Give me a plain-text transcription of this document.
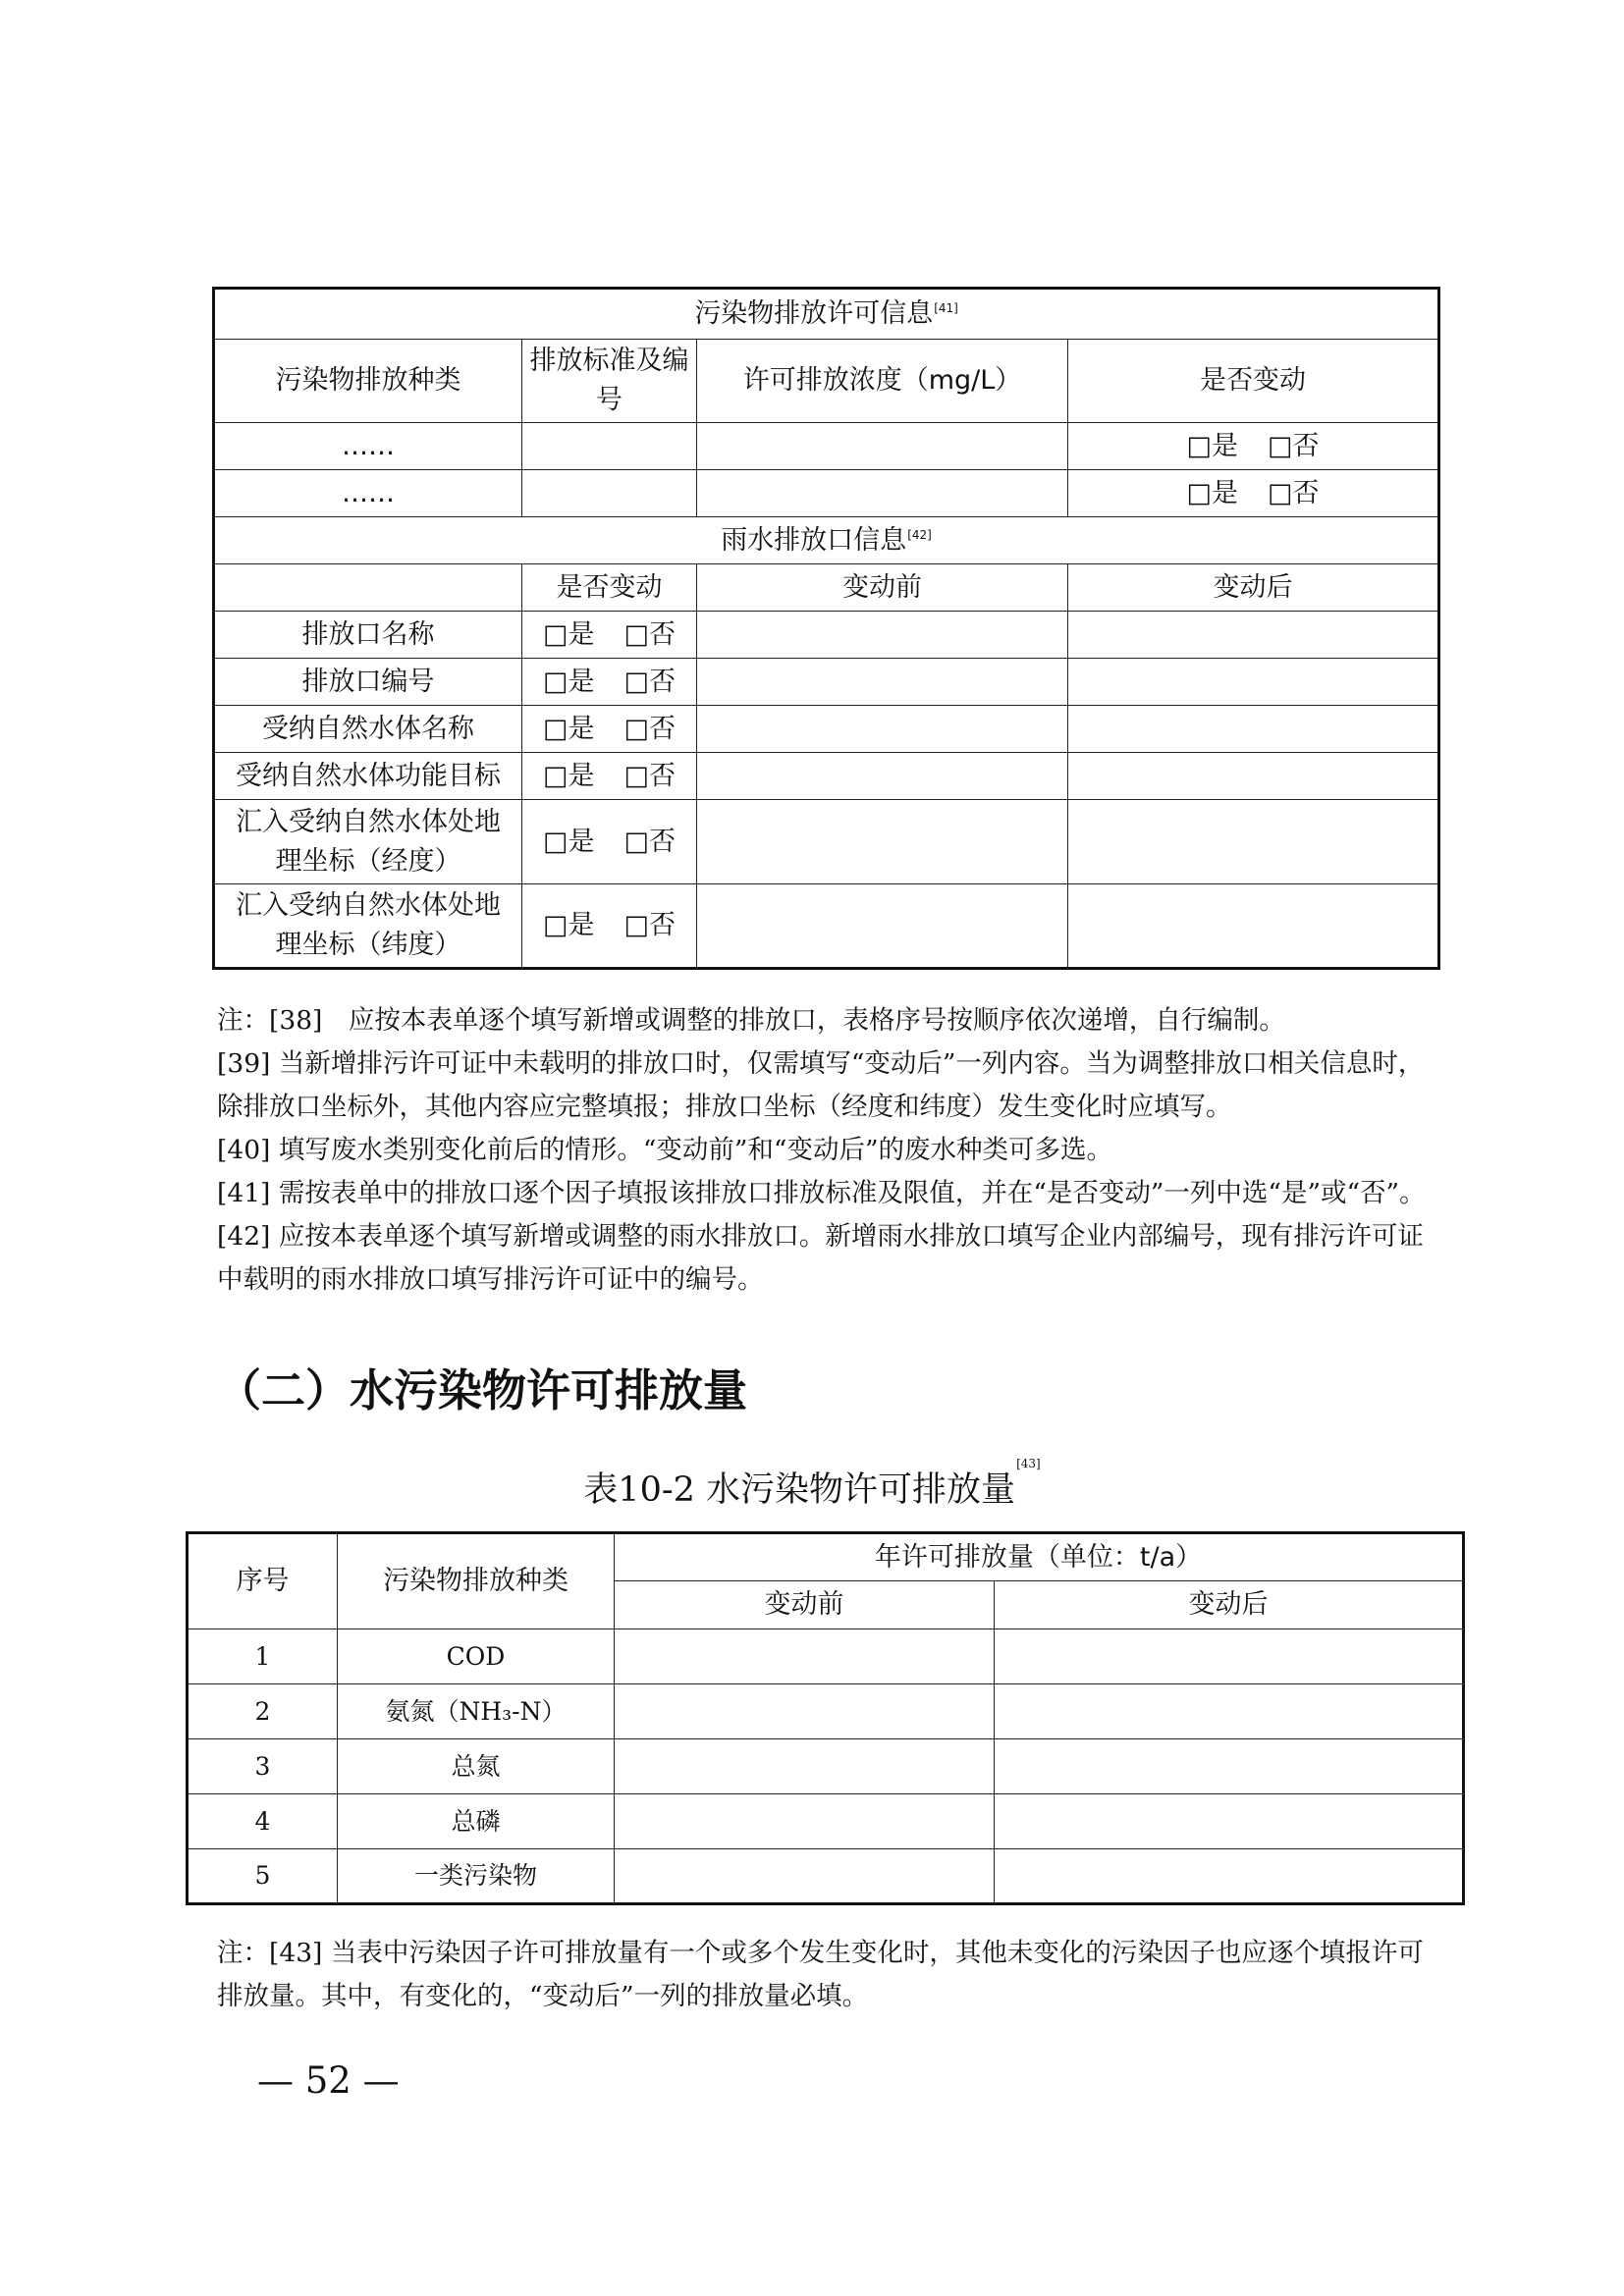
污染物排放许可信息[41]
污染物排放种类	排放标准及编号	许可排放浓度（mg/L）	是否变动
……			□是 □否
……			□是 □否
雨水排放口信息[42]
	是否变动	变动前	变动后
排放口名称	□是 □否		
排放口编号	□是 □否		
受纳自然水体名称	□是 □否		
受纳自然水体功能目标	□是 □否		
汇入受纳自然水体处地理坐标（经度）	□是 □否		
汇入受纳自然水体处地理坐标（纬度）	□是 □否		

注：[38]　应按本表单逐个填写新增或调整的排放口，表格序号按顺序依次递增，自行编制。

[39] 当新增排污许可证中未载明的排放口时，仅需填写“变动后”一列内容。当为调整排放口相关信息时，除排放口坐标外，其他内容应完整填报；排放口坐标（经度和纬度）发生变化时应填写。

[40] 填写废水类别变化前后的情形。“变动前”和“变动后”的废水种类可多选。

[41] 需按表单中的排放口逐个因子填报该排放口排放标准及限值，并在“是否变动”一列中选“是”或“否”。

[42] 应按本表单逐个填写新增或调整的雨水排放口。新增雨水排放口填写企业内部编号，现有排污许可证中载明的雨水排放口填写排污许可证中的编号。

（二）水污染物许可排放量
表10-2 水污染物许可排放量[43]
序号	污染物排放种类	年许可排放量（单位：t/a）	
		变动前	变动后
1	COD		
2	氨氮（NH₃-N）		
3	总氮		
4	总磷		
5	一类污染物		

注：[43] 当表中污染因子许可排放量有一个或多个发生变化时，其他未变化的污染因子也应逐个填报许可排放量。其中，有变化的，“变动后”一列的排放量必填。

— 52 —
